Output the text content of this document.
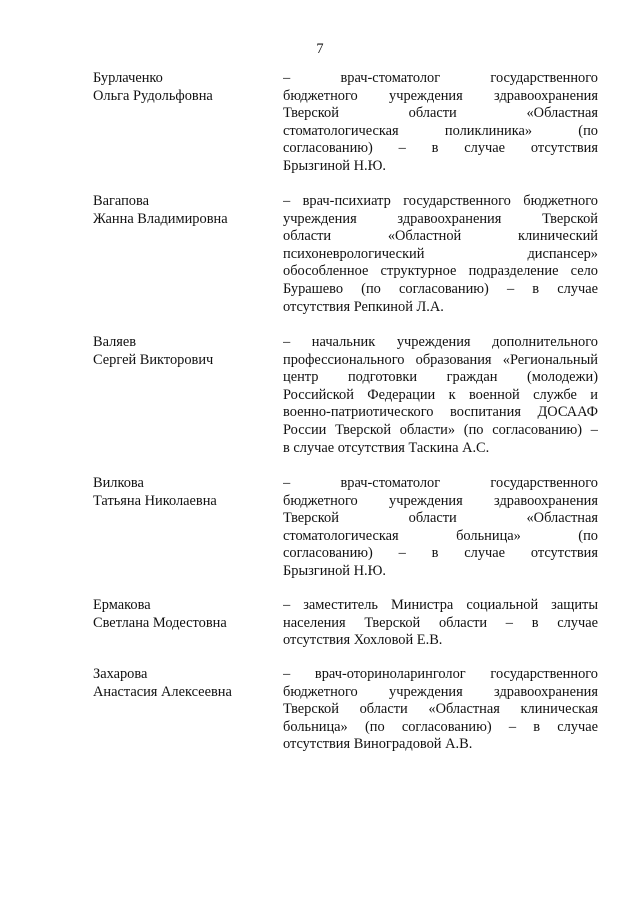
7
Бурлаченко
Ольга Рудольфовна
– врач-стоматолог государственного
бюджетного учреждения здравоохранения
Тверской области «Областная
стоматологическая поликлиника» (по
согласованию) – в случае отсутствия
Брызгиной Н.Ю.
Вагапова
Жанна Владимировна
– врач-психиатр государственного бюджетного
учреждения здравоохранения Тверской
области «Областной клинический
психоневрологический диспансер»
обособленное структурное подразделение село
Бурашево (по согласованию) – в случае
отсутствия Репкиной Л.А.
Валяев
Сергей Викторович
– начальник учреждения дополнительного
профессионального образования «Региональный
центр подготовки граждан (молодежи)
Российской Федерации к военной службе и
военно-патриотического воспитания ДОСААФ
России Тверской области» (по согласованию) –
в случае отсутствия Таскина А.С.
Вилкова
Татьяна Николаевна
– врач-стоматолог государственного
бюджетного учреждения здравоохранения
Тверской области «Областная
стоматологическая больница» (по
согласованию) – в случае отсутствия
Брызгиной Н.Ю.
Ермакова
Светлана Модестовна
– заместитель Министра социальной защиты
населения Тверской области – в случае
отсутствия Хохловой Е.В.
Захарова
Анастасия Алексеевна
– врач-оториноларинголог государственного
бюджетного учреждения здравоохранения
Тверской области «Областная клиническая
больница» (по согласованию) – в случае
отсутствия Виноградовой А.В.
